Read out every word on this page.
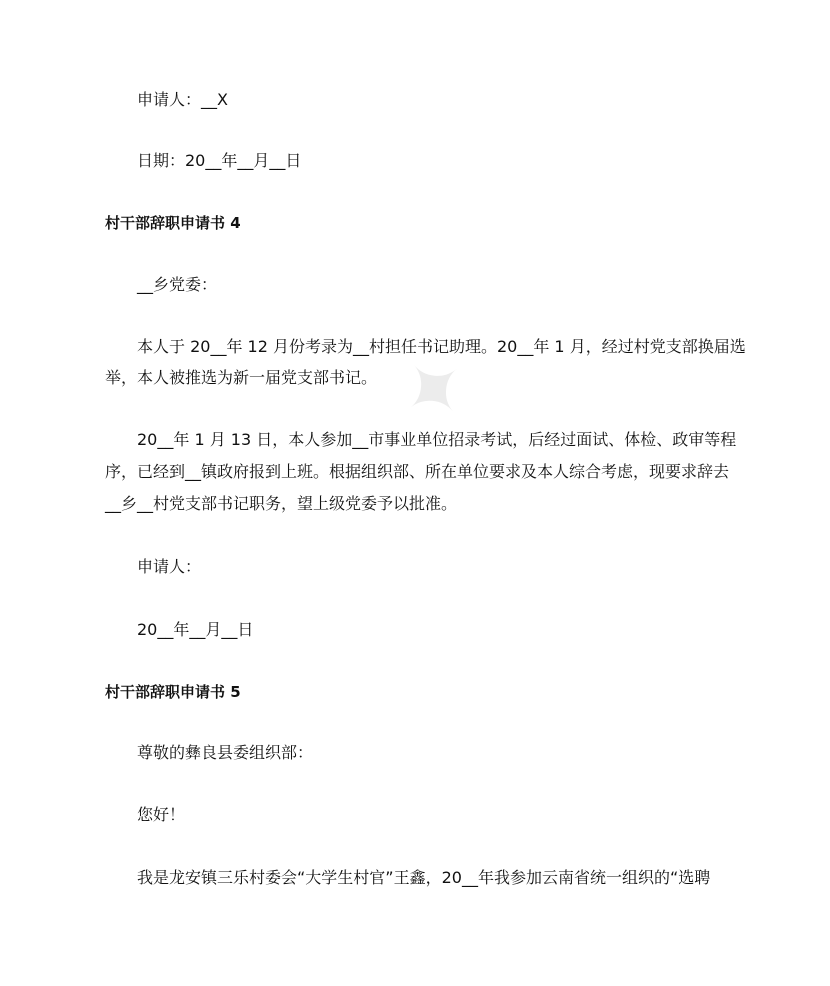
✦
申请人：__X
日期：20__年__月__日
村干部辞职申请书 4
__乡党委：
本人于 20__年 12 月份考录为__村担任书记助理。20__年 1 月，经过村党支部换届选
举，本人被推选为新一届党支部书记。
20__年 1 月 13 日，本人参加__市事业单位招录考试，后经过面试、体检、政审等程
序，已经到__镇政府报到上班。根据组织部、所在单位要求及本人综合考虑，现要求辞去
__乡__村党支部书记职务，望上级党委予以批准。
申请人：
20__年__月__日
村干部辞职申请书 5
尊敬的彝良县委组织部：
您好！
我是龙安镇三乐村委会“大学生村官”王鑫，20__年我参加云南省统一组织的“选聘
